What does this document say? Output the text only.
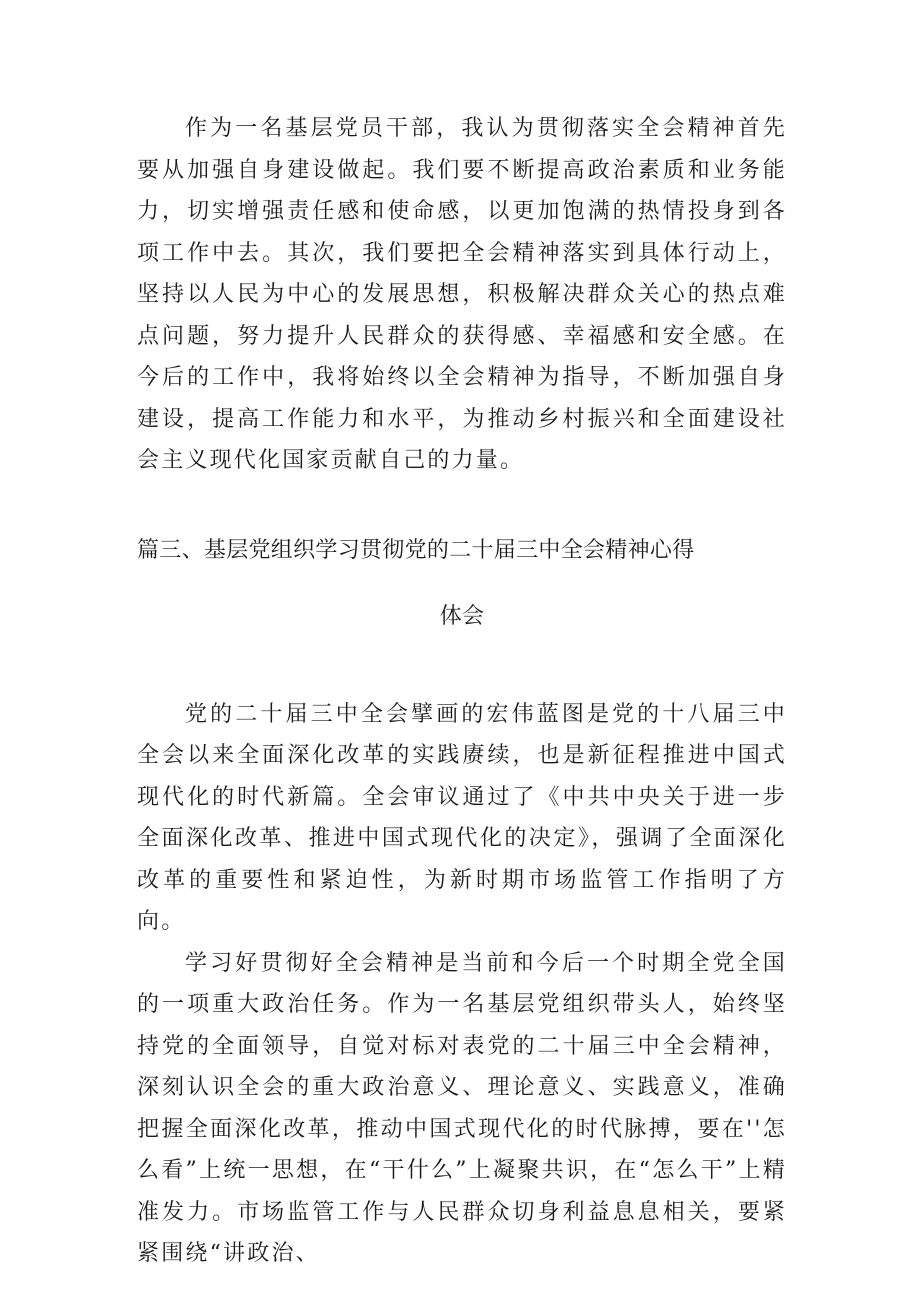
作为一名基层党员干部，我认为贯彻落实全会精神首先要从加强自身建设做起。我们要不断提高政治素质和业务能力，切实增强责任感和使命感，以更加饱满的热情投身到各项工作中去。其次，我们要把全会精神落实到具体行动上，坚持以人民为中心的发展思想，积极解决群众关心的热点难点问题，努力提升人民群众的获得感、幸福感和安全感。在今后的工作中，我将始终以全会精神为指导，不断加强自身建设，提高工作能力和水平，为推动乡村振兴和全面建设社会主义现代化国家贡献自己的力量。

篇三、基层党组织学习贯彻党的二十届三中全会精神心得
体会

党的二十届三中全会擘画的宏伟蓝图是党的十八届三中全会以来全面深化改革的实践赓续，也是新征程推进中国式现代化的时代新篇。全会审议通过了《中共中央关于进一步全面深化改革、推进中国式现代化的决定》，强调了全面深化改革的重要性和紧迫性，为新时期市场监管工作指明了方向。

学习好贯彻好全会精神是当前和今后一个时期全党全国的一项重大政治任务。作为一名基层党组织带头人，始终坚持党的全面领导，自觉对标对表党的二十届三中全会精神，深刻认识全会的重大政治意义、理论意义、实践意义，准确把握全面深化改革，推动中国式现代化的时代脉搏，要在''怎么看”上统一思想，在“干什么”上凝聚共识，在“怎么干”上精准发力。市场监管工作与人民群众切身利益息息相关，要紧紧围绕“讲政治、
